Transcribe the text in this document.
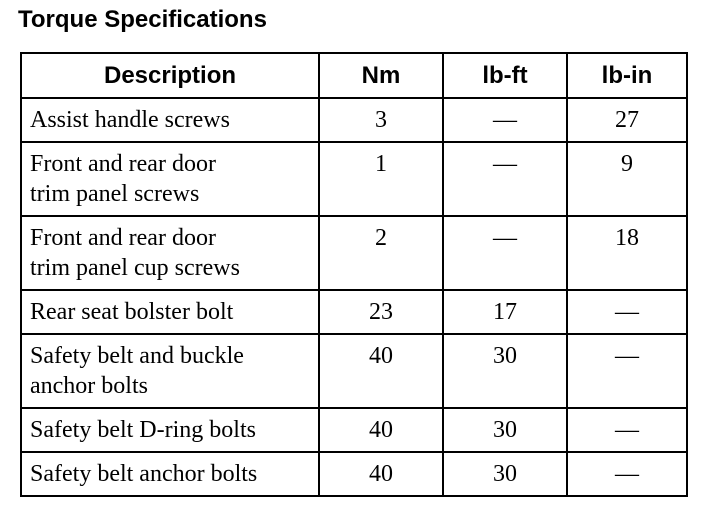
Torque Specifications
Description	Nm	lb-ft	lb-in
Assist handle screws	3	—	27
Front and rear door
trim panel screws	1	—	9
Front and rear door
trim panel cup screws	2	—	18
Rear seat bolster bolt	23	17	—
Safety belt and buckle
anchor bolts	40	30	—
Safety belt D-ring bolts	40	30	—
Safety belt anchor bolts	40	30	—
